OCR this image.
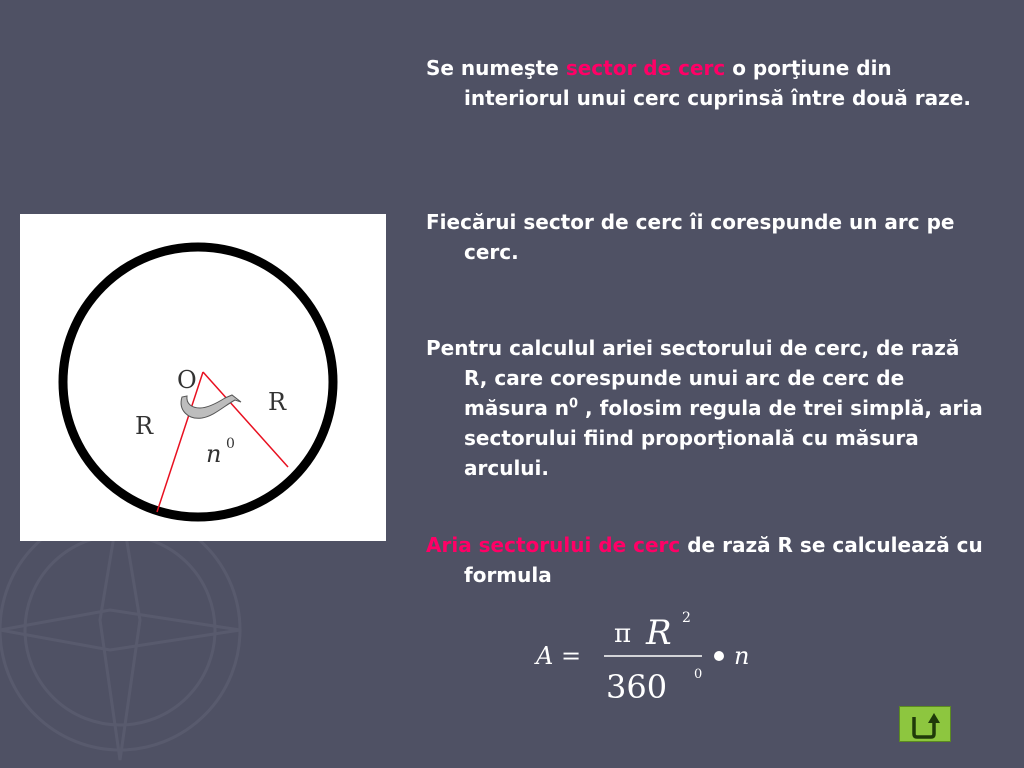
O
R
R
n 0

Se numeşte sector de cerc o porţiune din interiorul unui cerc cuprinsă între două raze.

Fiecărui sector de cerc îi corespunde un arc pe cerc.

Pentru calculul ariei sectorului de cerc, de rază R, care corespunde unui arc de cerc de măsura $n^0$ , folosim regula de trei simplă, aria sectorului fiind proporţională cu măsura arcului.

Aria sectorului de cerc de rază R se calculează cu formula

A =
π R 2
360 0
n
